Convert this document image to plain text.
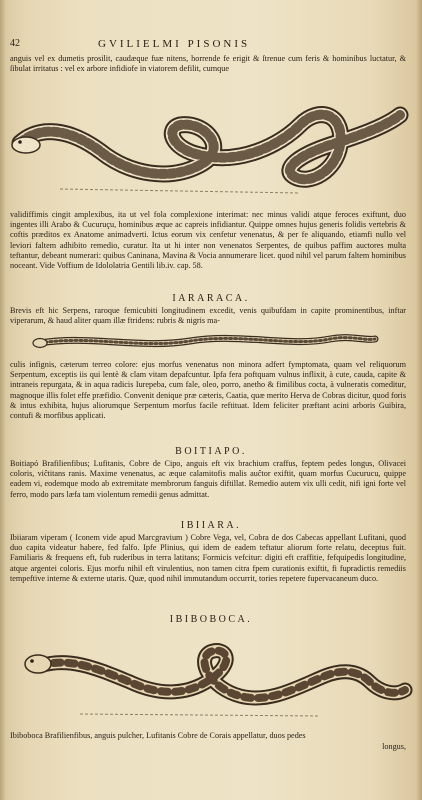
42	GVILIELMI PISONIS

anguis vel ex dumetis prosilit, caudæque fuæ nitens, horrende fe erigit & ſtrenue cum feris & hominibus luctatur, & ſibulat irritatus : vel ex arbore infidiofe in viatorem defilit, cumque

validiffimis cingit amplexibus, ita ut vel fola complexione interimat: nec minus validi atque feroces exiftunt, duo ingentes illi Arabo & Cucuruçu, hominibus æque ac capreis infidiantur. Quippe omnes hujus generis folidis vertebris & coftis præditos ex Anatome animadverti. Ictus eorum vix cenfetur venenatus, & per fe aliquando, etiamfi nullo vel leviori faltem adhibito remedio, curatur. Ita ut hi inter non venenatos Serpentes, de quibus paffim auctores multa teftantur, debeant numerari: quibus Caninana, Mavina & Vocia annumerare licet. quod nihil vel parum faltem hominibus noceant. Vide Voffium de Idololatria Gentili lib.iv. cap. 58.

IARARACA.

Brevis eft hic Serpens, raroque femicubiti longitudinem excedit, venis quibufdam in capite prominentibus, inftar viperarum, & haud aliter quam illæ ftridens: rubris & nigris ma-

culis infignis, cæterum terreo colore: ejus morfus venenatus non minora adfert fymptomata, quam vel reliquorum Serpentum, exceptis iis qui lentè & clam vitam depafcuntur. Ipfa fera poftquam vulnus inflixit, à cute, cauda, capite & intraneis repurgata, & in aqua radicis Iurepeba, cum fale, oleo, porro, anetho & fimilibus cocta, à vulneratis comeditur, magnoque illis folet effe præfidio. Convenit denique præ cæteris, Caatia, quæ merito Herva de Cobras dicitur, quod foris & intus exhibita, hujus aliorumque Serpentum morfus facile reftituat. Idem feliciter præftant acini arboris Guibira, contufi & morfibus applicati.

BOITIAPO.

Boitiapó Brafilienfibus; Lufitanis, Cobre de Cipo, anguis eft vix brachium craffus, feptem pedes longus, Olivacei coloris, viĉtitans ranis. Maxime venenatus, ac æque calamitofis malis auĉtor exiftit, quam morfus Cucurucu, quippe eadem vi, eodemque modo ab extremitate membrorum fanguis diftillat. Remedio autem vix ulli cedit, nifi igni forte vel ferro, modo pars læfa tam violentum remedii genus admittat.

IBIIARA.

Ibiiaram viperam ( Iconem vide apud Marcgravium ) Cobre Vega, vel, Cobra de dos Cabecas appellant Lufitani, quod duo capita videatur habere, fed falfo. Ipfe Plinius, qui idem de eadem teftatur aliorum forte relatu, deceptus fuit. Familiaris & frequens eft, fub ruderibus in terra latitans; Formicis vefcitur: digiti eft craffitie, fefquipedis longitudine, atque argentei coloris. Ejus morfu nihil eft virulentius, non tamen citra fpem curationis exiftit, fi fupradictis remediis tempeftive interne & externe utaris. Quæ, quod nihil immutandum occurrit, tories repetere fupervacaneum duco.

IBIBOBOCA.

Ibiboboca Brafilienfibus, anguis pulcher, Lufitanis Cobre de Corais appellatur, duos pedes

longus,
